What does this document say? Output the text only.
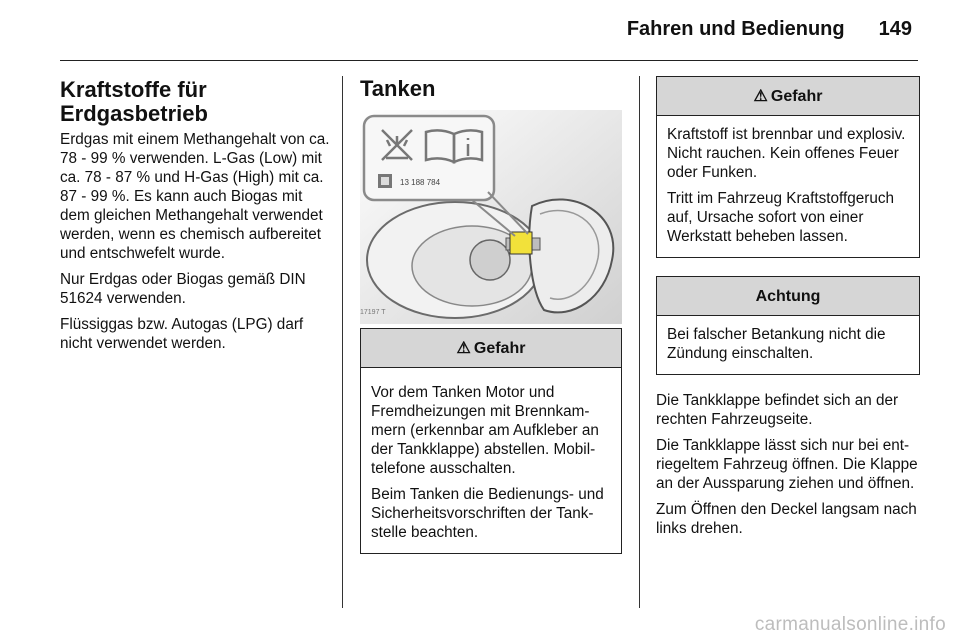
Fahren und Bedienung 149
Kraftstoffe für
Erdgasbetrieb

Erdgas mit einem Methangehalt von ca. 78 - 99 % verwenden. L-Gas (Low) mit ca. 78 - 87 % und H-Gas (High) mit ca. 87 - 99 %. Es kann auch Biogas mit dem gleichen Methangehalt verwendet werden, wenn es chemisch aufbereitet und entschwefelt wurde.

Nur Erdgas oder Biogas gemäß DIN 51624 verwenden.

Flüssiggas bzw. Autogas (LPG) darf nicht verwendet werden.

Tanken
13 188 784
17197 T
⚠ Gefahr

Vor dem Tanken Motor und Fremdheizungen mit Brennkammern (erkennbar am Aufkleber an der Tankklappe) abstellen. Mobiltelefone ausschalten.

Beim Tanken die Bedienungs- und Sicherheitsvorschriften der Tankstelle beachten.

⚠ Gefahr

Kraftstoff ist brennbar und explosiv. Nicht rauchen. Kein offenes Feuer oder Funken.

Tritt im Fahrzeug Kraftstoffgeruch auf, Ursache sofort von einer Werkstatt beheben lassen.

Achtung

Bei falscher Betankung nicht die Zündung einschalten.

Die Tankklappe befindet sich an der rechten Fahrzeugseite.

Die Tankklappe lässt sich nur bei entriegeltem Fahrzeug öffnen. Die Klappe an der Aussparung ziehen und öffnen.

Zum Öffnen den Deckel langsam nach links drehen.

carmanualsonline.info
